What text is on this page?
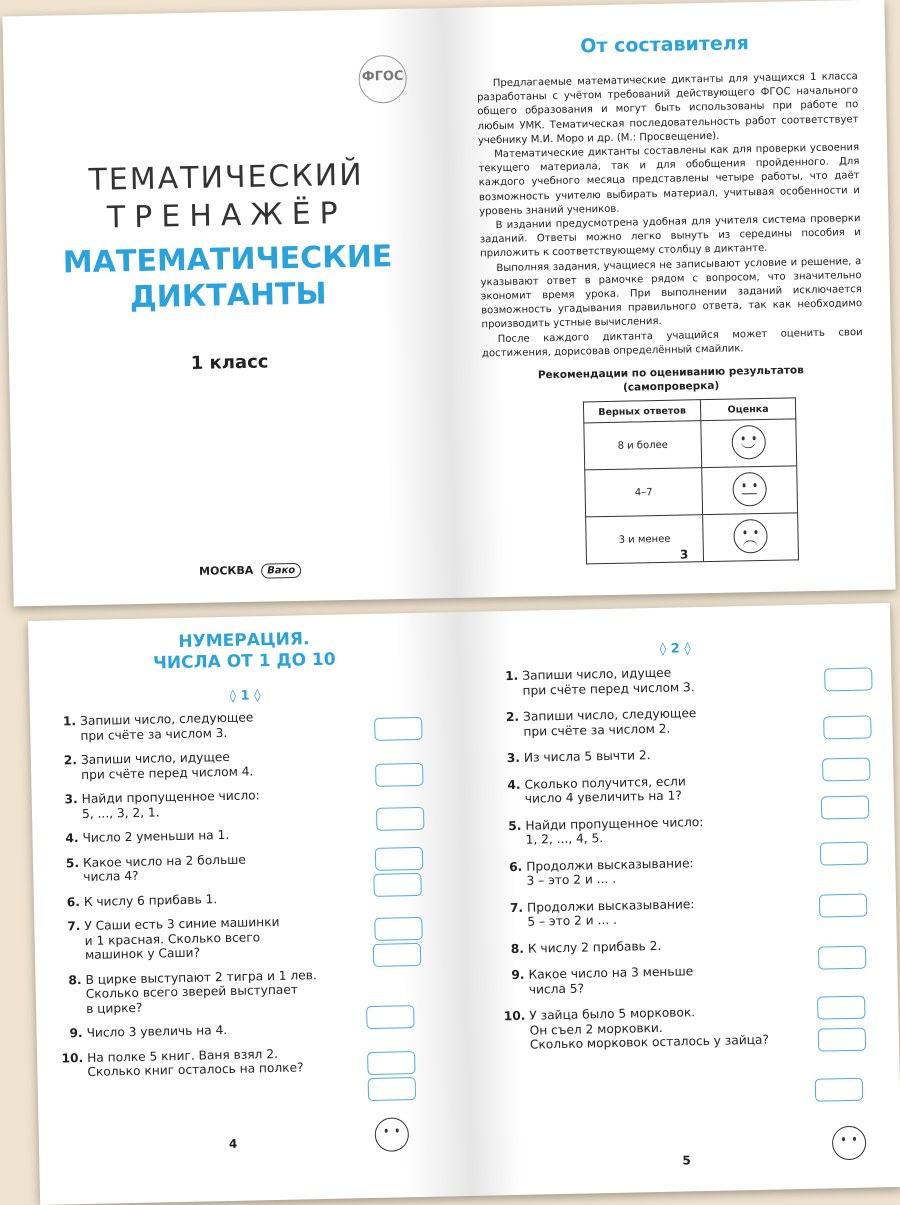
ФГОС
ТЕМАТИЧЕСКИЙ
ТРЕНАЖЁР
МАТЕМАТИЧЕСКИЕ
ДИКТАНТЫ
1 класс
МОСКВА Вако
От составителя

Предлагаемые математические диктанты для учащихся 1 класса разработаны с учётом требований действующего ФГОС начального общего образования и могут быть использованы при работе по любым УМК. Тематическая последовательность работ соответствует учебнику М.И. Моро и др. (М.: Просвещение).

Математические диктанты составлены как для проверки усвоения текущего материала, так и для обобщения пройденного. Для каждого учебного месяца представлены четыре работы, что даёт возможность учителю выбирать материал, учитывая особенности и уровень знаний учеников.

В издании предусмотрена удобная для учителя система проверки заданий. Ответы можно легко вынуть из середины пособия и приложить к соответствующему столбцу в диктанте.

Выполняя задания, учащиеся не записывают условие и решение, а указывают ответ в рамочке рядом с вопросом, что значительно экономит время урока. При выполнении заданий исключается возможность угадывания правильного ответа, так как необходимо производить устные вычисления.

После каждого диктанта учащийся может оценить свои достижения, дорисовав определённый смайлик.

Рекомендации по оцениванию результатов
(самопроверка)
Верных ответов	Оценка
8 и более	

4–7	

3 и менее	
3
НУМЕРАЦИЯ.
ЧИСЛА ОТ 1 ДО 10
◊ 1 ◊
1. Запиши число, следующее
при счёте за числом 3.
2. Запиши число, идущее
при счёте перед числом 4.
3. Найди пропущенное число:
5, ..., 3, 2, 1.
4. Число 2 уменьши на 1.
5. Какое число на 2 больше
числа 4?
6. К числу 6 прибавь 1.
7. У Саши есть 3 синие машинки
и 1 красная. Сколько всего
машинок у Саши?
8. В цирке выступают 2 тигра и 1 лев.
Сколько всего зверей выступает
в цирке?
9. Число 3 увеличь на 4.
10. На полке 5 книг. Ваня взял 2.
Сколько книг осталось на полке?
4
◊ 2 ◊
1. Запиши число, идущее
при счёте перед числом 3.
2. Запиши число, следующее
при счёте за числом 2.
3. Из числа 5 вычти 2.
4. Сколько получится, если
число 4 увеличить на 1?
5. Найди пропущенное число:
1, 2, ..., 4, 5.
6. Продолжи высказывание:
3 – это 2 и ... .
7. Продолжи высказывание:
5 – это 2 и ... .
8. К числу 2 прибавь 2.
9. Какое число на 3 меньше
числа 5?
10. У зайца было 5 морковок.
Он съел 2 морковки.
Сколько морковок осталось у зайца?
5
